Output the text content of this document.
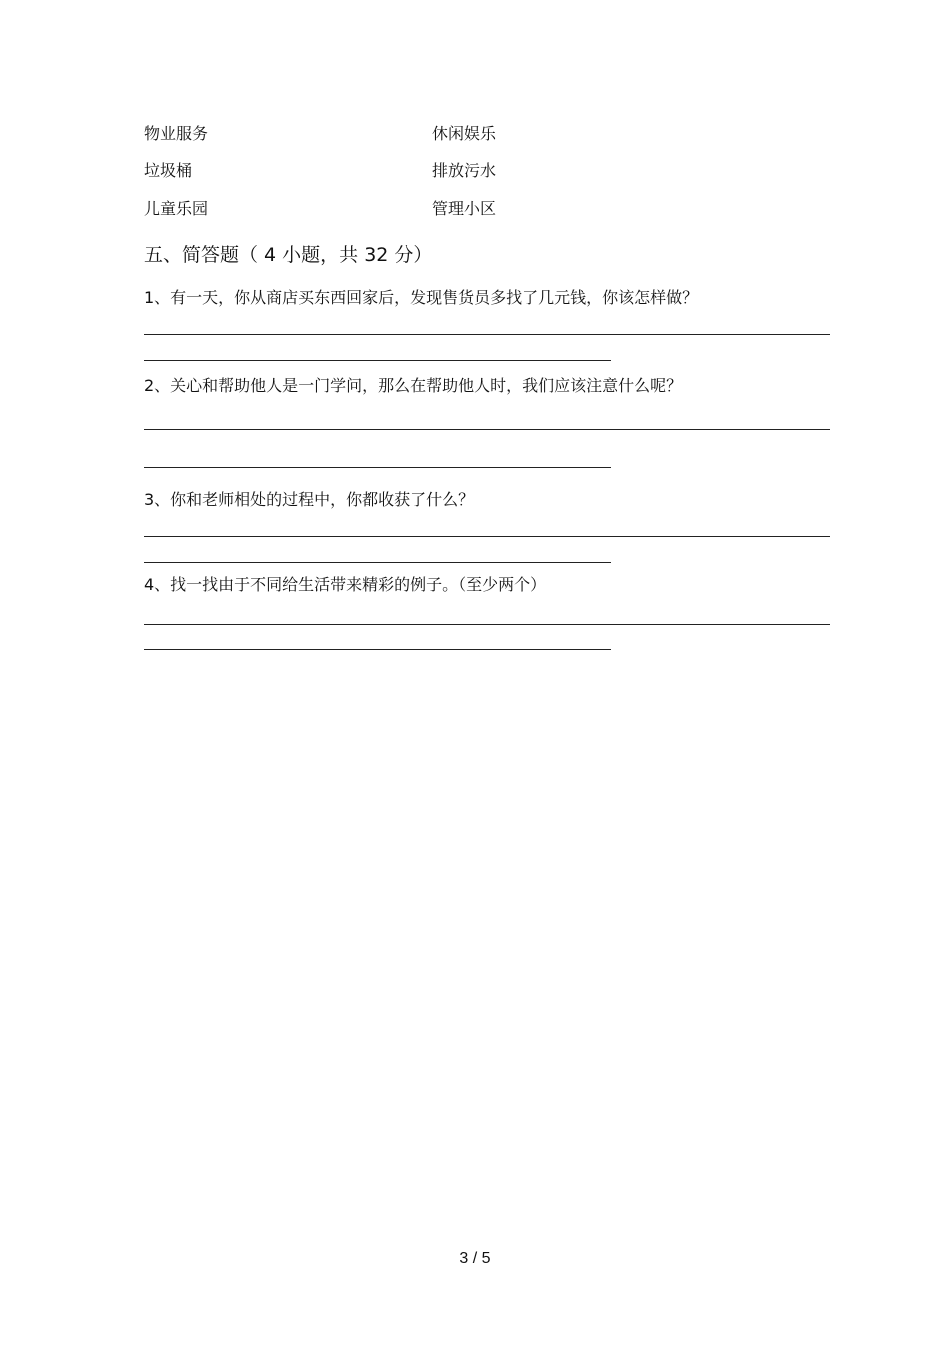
物业服务	休闲娱乐
垃圾桶	排放污水
儿童乐园	管理小区
五、简答题（ 4 小题，共 32 分）
1、有一天，你从商店买东西回家后，发现售货员多找了几元钱，你该怎样做？
2、关心和帮助他人是一门学问，那么在帮助他人时，我们应该注意什么呢？
3、你和老师相处的过程中，你都收获了什么？
4、找一找由于不同给生活带来精彩的例子。（至少两个）
3 / 5
